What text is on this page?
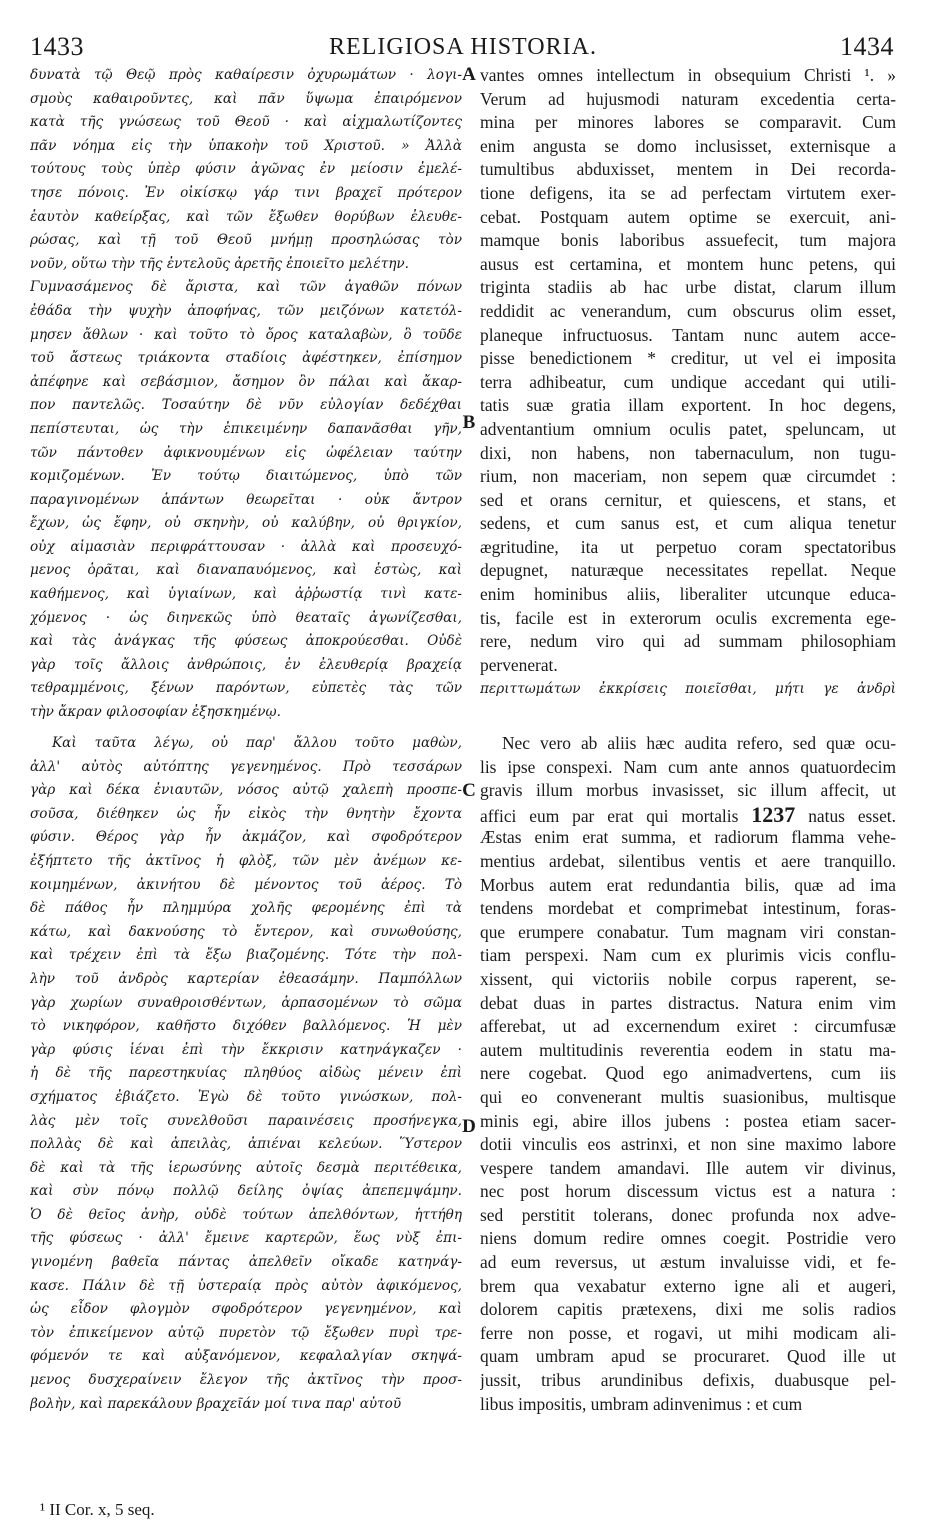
1433	RELIGIOSA HISTORIA.	1434
δυνατὰ τῷ Θεῷ πρὸς καθαίρεσιν ὀχυρωμάτων · λογι-
σμοὺς καθαιροῦντες, καὶ πᾶν ὕψωμα ἐπαιρόμενον
κατὰ τῆς γνώσεως τοῦ Θεοῦ · καὶ αἰχμαλωτίζοντες
πᾶν νόημα εἰς τὴν ὑπακοὴν τοῦ Χριστοῦ. » Ἀλλὰ
τούτους τοὺς ὑπὲρ φύσιν ἀγῶνας ἐν μείοσιν ἐμελέ-
τησε πόνοις. Ἐν οἰκίσκῳ γάρ τινι βραχεῖ πρότερον
ἑαυτὸν καθείρξας, καὶ τῶν ἔξωθεν θορύβων ἐλευθε-
ρώσας, καὶ τῇ τοῦ Θεοῦ μνήμῃ προσηλώσας τὸν
νοῦν, οὕτω τὴν τῆς ἐντελοῦς ἀρετῆς ἐποιεῖτο μελέτην.
Γυμνασάμενος δὲ ἄριστα, καὶ τῶν ἀγαθῶν πόνων
ἐθάδα τὴν ψυχὴν ἀποφήνας, τῶν μειζόνων κατετόλ-
μησεν ἄθλων · καὶ τοῦτο τὸ ὄρος καταλαβὼν, ὃ τοῦδε
τοῦ ἄστεως τριάκοντα σταδίοις ἀφέστηκεν, ἐπίσημον
ἀπέφηνε καὶ σεβάσμιον, ἄσημον ὂν πάλαι καὶ ἄκαρ-
πον παντελῶς. Τοσαύτην δὲ νῦν εὐλογίαν δεδέχθαι
πεπίστευται, ὡς τὴν ἐπικειμένην δαπανᾶσθαι γῆν,
τῶν πάντοθεν ἀφικνουμένων εἰς ὠφέλειαν ταύτην
κομιζομένων. Ἐν τούτῳ διαιτώμενος, ὑπὸ τῶν
παραγινομένων ἁπάντων θεωρεῖται · οὐκ ἄντρον
ἔχων, ὡς ἔφην, οὐ σκηνὴν, οὐ καλύβην, οὐ θριγκίον,
οὐχ αἱμασιὰν περιφράττουσαν · ἀλλὰ καὶ προσευχό-
μενος ὁρᾶται, καὶ διαναπαυόμενος, καὶ ἑστὼς, καὶ
καθήμενος, καὶ ὑγιαίνων, καὶ ἀῤῥωστίᾳ τινὶ κατε-
χόμενος · ὡς διηνεκῶς ὑπὸ θεαταῖς ἀγωνίζεσθαι,
καὶ τὰς ἀνάγκας τῆς φύσεως ἀποκρούεσθαι. Οὐδὲ
γὰρ τοῖς ἄλλοις ἀνθρώποις, ἐν ἐλευθερίᾳ βραχείᾳ
τεθραμμένοις, ξένων παρόντων, εὐπετὲς τὰς τῶν
τὴν ἄκραν φιλοσοφίαν ἐξησκημένῳ.
Καὶ ταῦτα λέγω, οὐ παρ' ἄλλου τοῦτο μαθὼν,
ἀλλ' αὐτὸς αὐτόπτης γεγενημένος. Πρὸ τεσσάρων
γὰρ καὶ δέκα ἐνιαυτῶν, νόσος αὐτῷ χαλεπὴ προσπε-
σοῦσα, διέθηκεν ὡς ἦν εἰκὸς τὴν θνητὴν ἔχοντα
φύσιν. Θέρος γὰρ ἦν ἀκμάζον, καὶ σφοδρότερον
ἐξήπτετο τῆς ἀκτῖνος ἡ φλὸξ, τῶν μὲν ἀνέμων κε-
κοιμημένων, ἀκινήτου δὲ μένοντος τοῦ ἀέρος. Τὸ
δὲ πάθος ἦν πλημμύρα χολῆς φερομένης ἐπὶ τὰ
κάτω, καὶ δακνούσης τὸ ἔντερον, καὶ συνωθούσης,
καὶ τρέχειν ἐπὶ τὰ ἔξω βιαζομένης. Τότε τὴν πολ-
λὴν τοῦ ἀνδρὸς καρτερίαν ἐθεασάμην. Παμπόλλων
γὰρ χωρίων συναθροισθέντων, ἁρπασομένων τὸ σῶμα
τὸ νικηφόρον, καθῆστο διχόθεν βαλλόμενος. Ἡ μὲν
γὰρ φύσις ἱέναι ἐπὶ τὴν ἔκκρισιν κατηνάγκαζεν ·
ἡ δὲ τῆς παρεστηκυίας πληθύος αἰδὼς μένειν ἐπὶ
σχήματος ἐβιάζετο. Ἐγὼ δὲ τοῦτο γινώσκων, πολ-
λὰς μὲν τοῖς συνελθοῦσι παραινέσεις προσήνεγκα,
πολλὰς δὲ καὶ ἀπειλὰς, ἀπιέναι κελεύων. Ὕστερον
δὲ καὶ τὰ τῆς ἱερωσύνης αὐτοῖς δεσμὰ περιτέθεικα,
καὶ σὺν πόνῳ πολλῷ δείλης ὀψίας ἀπεπεμψάμην.
Ὁ δὲ θεῖος ἀνὴρ, οὐδὲ τούτων ἀπελθόντων, ἡττήθη
τῆς φύσεως · ἀλλ' ἔμεινε καρτερῶν, ἕως νὺξ ἐπι-
γινομένη βαθεῖα πάντας ἀπελθεῖν οἴκαδε κατηνάγ-
κασε. Πάλιν δὲ τῇ ὑστεραίᾳ πρὸς αὐτὸν ἀφικόμενος,
ὡς εἶδον φλογμὸν σφοδρότερον γεγενημένον, καὶ
τὸν ἐπικείμενον αὐτῷ πυρετὸν τῷ ἔξωθεν πυρὶ τρε-
φόμενόν τε καὶ αὐξανόμενον, κεφαλαλγίαν σκηψά-
μενος δυσχεραίνειν ἔλεγον τῆς ἀκτῖνος τὴν προσ-
βολὴν, καὶ παρεκάλουν βραχεῖάν μοί τινα παρ' αὐτοῦ
vantes omnes intellectum in obsequium Christi ¹. »
Verum ad hujusmodi naturam excedentia certa-
mina per minores labores se comparavit. Cum
enim angusta se domo inclusisset, externisque a
tumultibus abduxisset, mentem in Dei recorda-
tione defigens, ita se ad perfectam virtutem exer-
cebat. Postquam autem optime se exercuit, ani-
mamque bonis laboribus assuefecit, tum majora
ausus est certamina, et montem hunc petens, qui
triginta stadiis ab hac urbe distat, clarum illum
reddidit ac venerandum, cum obscurus olim esset,
planeque infructuosus. Tantam nunc autem acce-
pisse benedictionem * creditur, ut vel ei imposita
terra adhibeatur, cum undique accedant qui utili-
tatis suæ gratia illam exportent. In hoc degens,
adventantium omnium oculis patet, speluncam, ut
dixi, non habens, non tabernaculum, non tugu-
rium, non maceriam, non sepem quæ circumdet :
sed et orans cernitur, et quiescens, et stans, et
sedens, et cum sanus est, et cum aliqua tenetur
ægritudine, ita ut perpetuo coram spectatoribus
depugnet, naturæque necessitates repellat. Neque
enim hominibus aliis, liberaliter utcunque educa-
tis, facile est in exterorum oculis excrementa ege-
rere, nedum viro qui ad summam philosophiam
pervenerat.
περιττωμάτων ἐκκρίσεις ποιεῖσθαι, μήτι γε ἀνδρὶ
Nec vero ab aliis hæc audita refero, sed quæ ocu-
lis ipse conspexi. Nam cum ante annos quatuordecim
gravis illum morbus invasisset, sic illum affecit, ut
affici eum par erat qui mortalis 1237 natus esset.
Æstas enim erat summa, et radiorum flamma vehe-
mentius ardebat, silentibus ventis et aere tranquillo.
Morbus autem erat redundantia bilis, quæ ad ima
tendens mordebat et comprimebat intestinum, foras-
que erumpere conabatur. Tum magnam viri constan-
tiam perspexi. Nam cum ex plurimis vicis conflu-
xissent, qui victoriis nobile corpus raperent, se-
debat duas in partes distractus. Natura enim vim
afferebat, ut ad excernendum exiret : circumfusæ
autem multitudinis reverentia eodem in statu ma-
nere cogebat. Quod ego animadvertens, cum iis
qui eo convenerant multis suasionibus, multisque
minis egi, abire illos jubens : postea etiam sacer-
dotii vinculis eos astrinxi, et non sine maximo labore
vespere tandem amandavi. Ille autem vir divinus,
nec post horum discessum victus est a natura :
sed perstitit tolerans, donec profunda nox adve-
niens domum redire omnes coegit. Postridie vero
ad eum reversus, ut æstum invaluisse vidi, et fe-
brem qua vexabatur externo igne ali et augeri,
dolorem capitis prætexens, dixi me solis radios
ferre non posse, et rogavi, ut mihi modicam ali-
quam umbram apud se procuraret. Quod ille ut
jussit, tribus arundinibus defixis, duabusque pel-
libus impositis, umbram adinvenimus : et cum
A
B
C
D
¹ II Cor. x, 5 seq.
